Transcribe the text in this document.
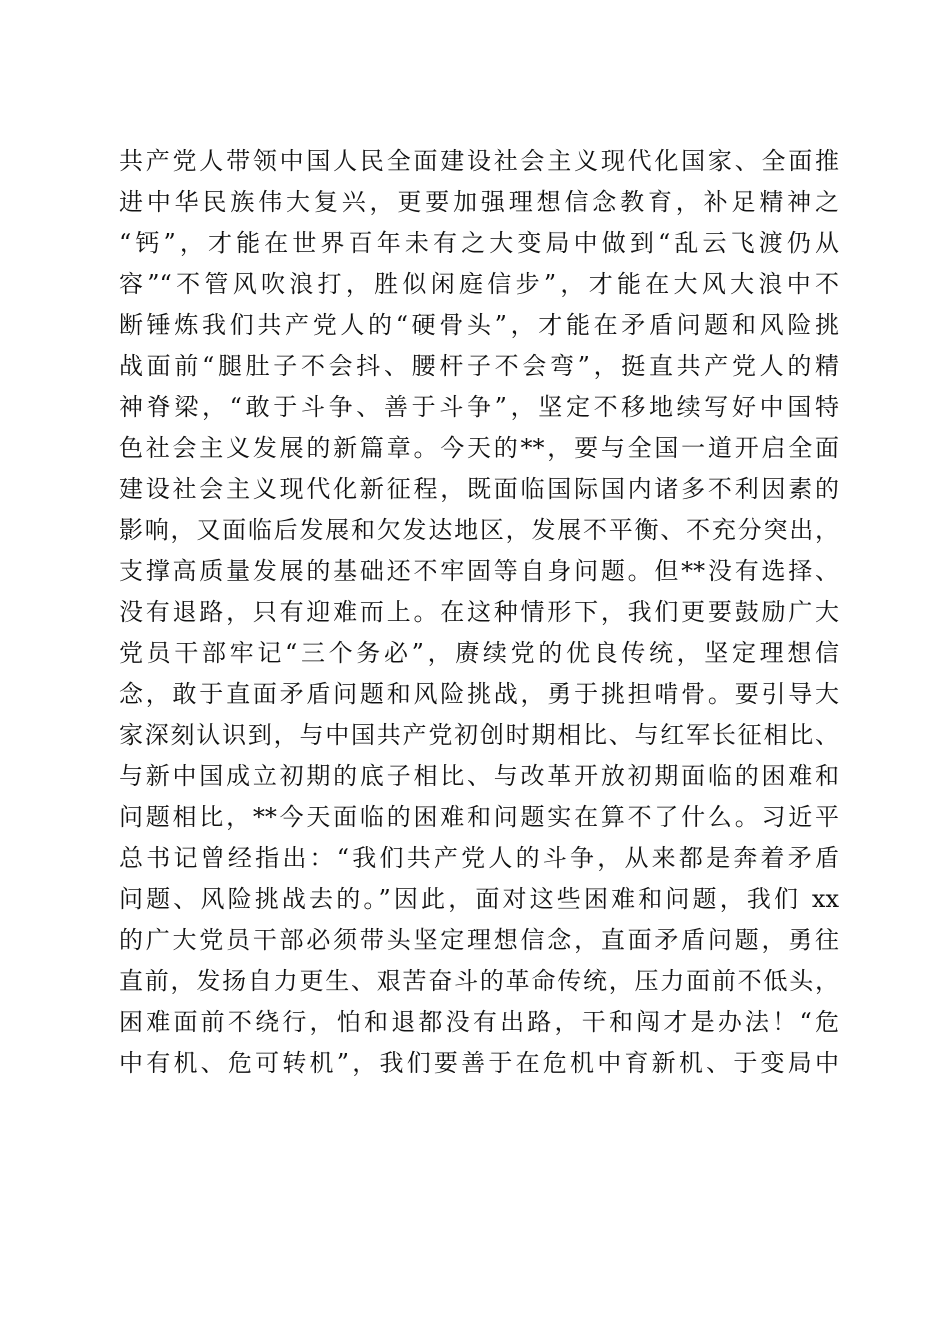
共产党人带领中国人民全面建设社会主义现代化国家、全面推
进中华民族伟大复兴，更要加强理想信念教育，补足精神之
“钙”，才能在世界百年未有之大变局中做到“乱云飞渡仍从
容”“不管风吹浪打，胜似闲庭信步”，才能在大风大浪中不
断锤炼我们共产党人的“硬骨头”，才能在矛盾问题和风险挑
战面前“腿肚子不会抖、腰杆子不会弯”，挺直共产党人的精
神脊梁，“敢于斗争、善于斗争”，坚定不移地续写好中国特
色社会主义发展的新篇章。今天的**，要与全国一道开启全面
建设社会主义现代化新征程，既面临国际国内诸多不利因素的
影响，又面临后发展和欠发达地区，发展不平衡、不充分突出，
支撑高质量发展的基础还不牢固等自身问题。但**没有选择、
没有退路，只有迎难而上。在这种情形下，我们更要鼓励广大
党员干部牢记“三个务必”，赓续党的优良传统，坚定理想信
念，敢于直面矛盾问题和风险挑战，勇于挑担啃骨。要引导大
家深刻认识到，与中国共产党初创时期相比、与红军长征相比、
与新中国成立初期的底子相比、与改革开放初期面临的困难和
问题相比，**今天面临的困难和问题实在算不了什么。习近平
总书记曾经指出：“我们共产党人的斗争，从来都是奔着矛盾
问题、风险挑战去的。”因此，面对这些困难和问题，我们 xx
的广大党员干部必须带头坚定理想信念，直面矛盾问题，勇往
直前，发扬自力更生、艰苦奋斗的革命传统，压力面前不低头，
困难面前不绕行，怕和退都没有出路，干和闯才是办法！“危
中有机、危可转机”，我们要善于在危机中育新机、于变局中
